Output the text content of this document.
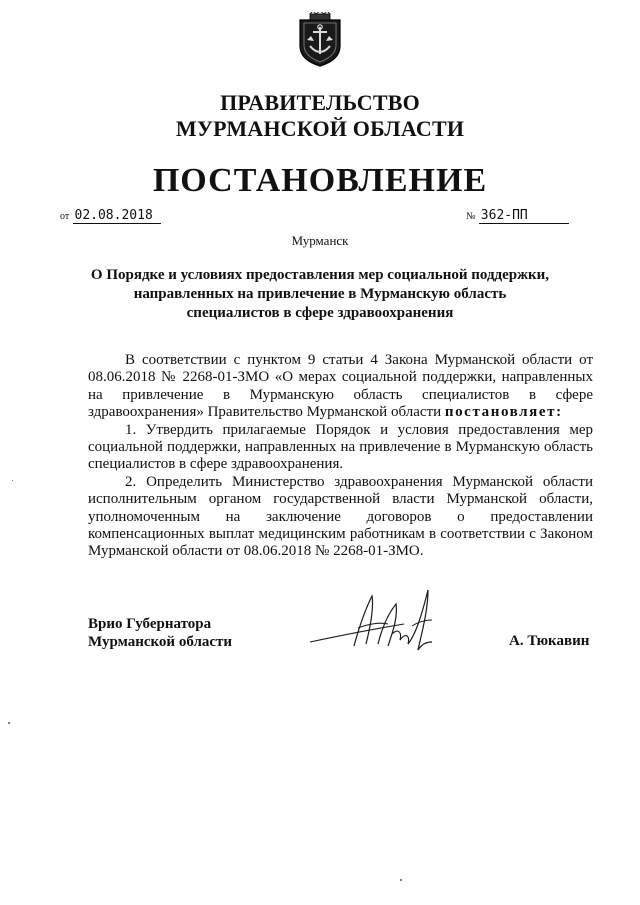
ПРАВИТЕЛЬСТВО
МУРМАНСКОЙ ОБЛАСТИ
ПОСТАНОВЛЕНИЕ
от 02.08.2018	№ 362-ПП
Мурманск
О Порядке и условиях предоставления мер социальной поддержки,
направленных на привлечение в Мурманскую область
специалистов в сфере здравоохранения

В соответствии с пунктом 9 статьи 4 Закона Мурманской области от 08.06.2018 № 2268-01-ЗМО «О мерах социальной поддержки, направленных на привлечение в Мурманскую область специалистов в сфере здравоохранения» Правительство Мурманской области постановляет:

1. Утвердить прилагаемые Порядок и условия предоставления мер социальной поддержки, направленных на привлечение в Мурманскую область специалистов в сфере здравоохранения.

2. Определить Министерство здравоохранения Мурманской области исполнительным органом государственной власти Мурманской области, уполномоченным на заключение договоров о предоставлении компенсационных выплат медицинским работникам в соответствии с Законом Мурманской области от 08.06.2018 № 2268-01-ЗМО.

Врио Губернатора
Мурманской области	А. Тюкавин
